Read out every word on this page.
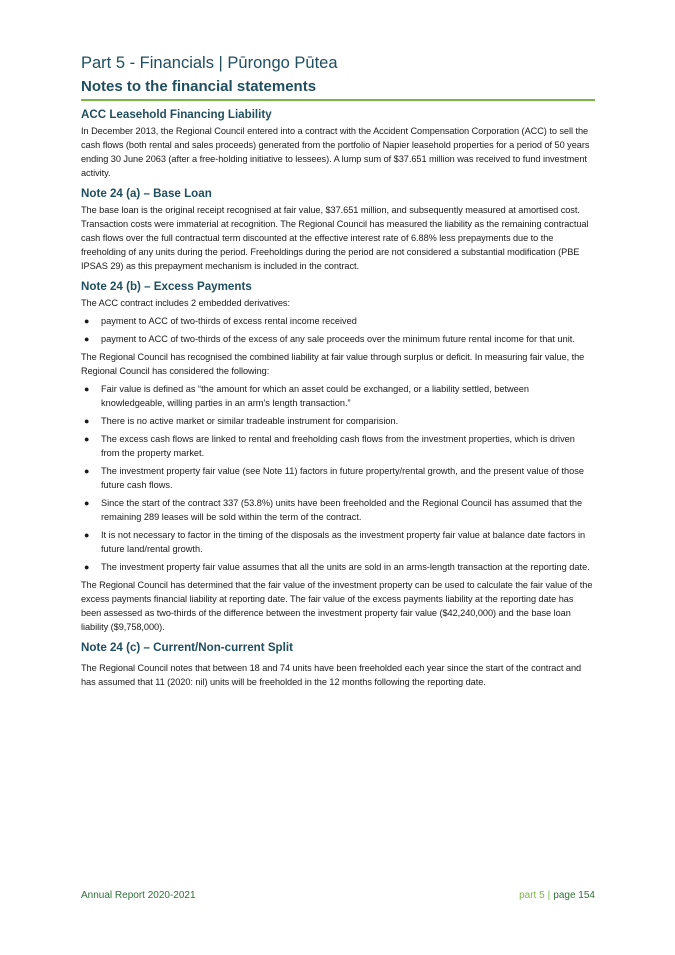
Part 5 - Financials | Pūrongo Pūtea
Notes to the financial statements
ACC Leasehold Financing Liability

In December 2013, the Regional Council entered into a contract with the Accident Compensation Corporation (ACC) to sell the cash flows (both rental and sales proceeds) generated from the portfolio of Napier leasehold properties for a period of 50 years ending 30 June 2063 (after a free-holding initiative to lessees). A lump sum of $37.651 million was received to fund investment activity.

Note 24 (a) – Base Loan

The base loan is the original receipt recognised at fair value, $37.651 million, and subsequently measured at amortised cost. Transaction costs were immaterial at recognition. The Regional Council has measured the liability as the remaining contractual cash flows over the full contractual term discounted at the effective interest rate of 6.88% less prepayments due to the freeholding of any units during the period. Freeholdings during the period are not considered a substantial modification (PBE IPSAS 29) as this prepayment mechanism is included in the contract.

Note 24 (b) – Excess Payments

The ACC contract includes 2 embedded derivatives:

● payment to ACC of two-thirds of excess rental income received
● payment to ACC of two-thirds of the excess of any sale proceeds over the minimum future rental income for that unit.

The Regional Council has recognised the combined liability at fair value through surplus or deficit. In measuring fair value, the Regional Council has considered the following:

● Fair value is defined as “the amount for which an asset could be exchanged, or a liability settled, between knowledgeable, willing parties in an arm’s length transaction.”
● There is no active market or similar tradeable instrument for comparision.
● The excess cash flows are linked to rental and freeholding cash flows from the investment properties, which is driven from the property market.
● The investment property fair value (see Note 11) factors in future property/rental growth, and the present value of those future cash flows.
● Since the start of the contract 337 (53.8%) units have been freeholded and the Regional Council has assumed that the remaining 289 leases will be sold within the term of the contract.
● It is not necessary to factor in the timing of the disposals as the investment property fair value at balance date factors in future land/rental growth.
● The investment property fair value assumes that all the units are sold in an arms-length transaction at the reporting date.

The Regional Council has determined that the fair value of the investment property can be used to calculate the fair value of the excess payments financial liability at reporting date. The fair value of the excess payments liability at the reporting date has been assessed as two-thirds of the difference between the investment property fair value ($42,240,000) and the base loan liability ($9,758,000).

Note 24 (c) – Current/Non-current Split

The Regional Council notes that between 18 and 74 units have been freeholded each year since the start of the contract and has assumed that 11 (2020: nil) units will be freeholded in the 12 months following the reporting date.

Annual Report 2020-2021	part 5 | page 154
